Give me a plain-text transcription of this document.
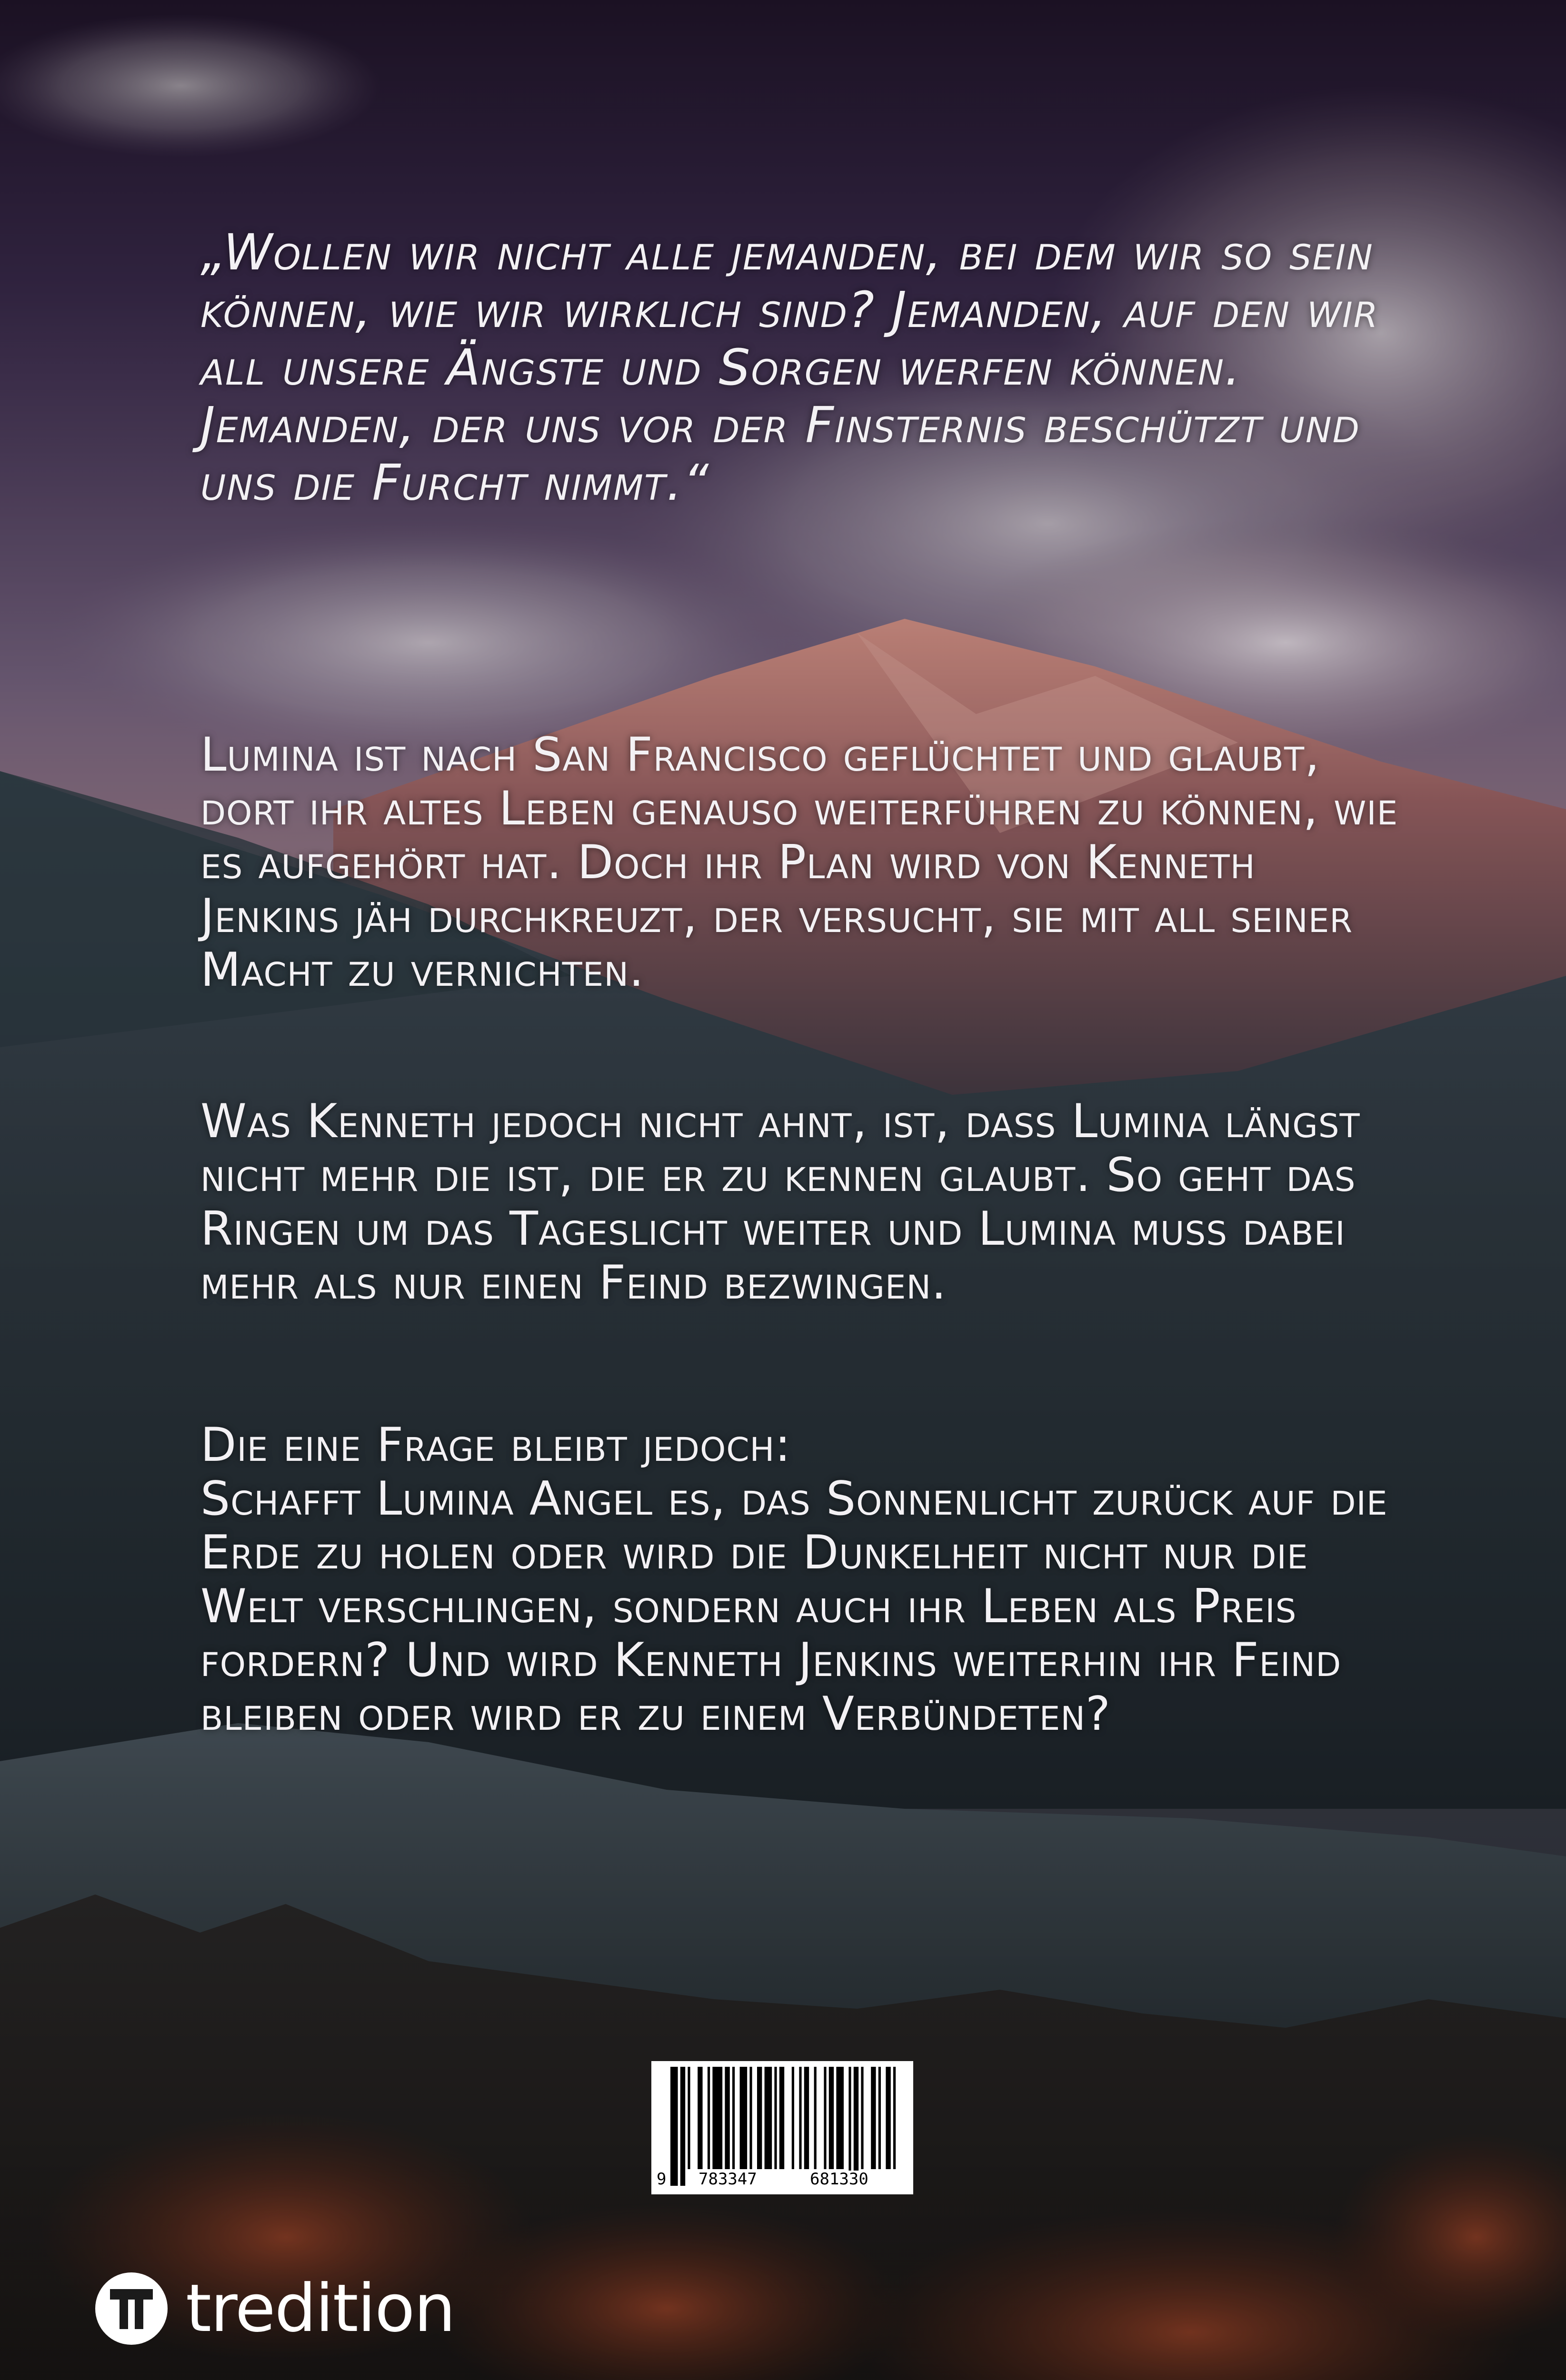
„Wollen wir nicht alle jemanden, bei dem wir so sein können, wie wir wirklich sind? Jemanden, auf den wir all unsere Ängste und Sorgen werfen können. Jemanden, der uns vor der Finsternis beschützt und uns die Furcht nimmt.“

Lumina ist nach San Francisco geflüchtet und glaubt, dort ihr altes Leben genauso weiterführen zu können, wie es aufgehört hat. Doch ihr Plan wird von Kenneth Jenkins jäh durchkreuzt, der versucht, sie mit all seiner Macht zu vernichten.

Was Kenneth jedoch nicht ahnt, ist, dass Lumina längst nicht mehr die ist, die er zu kennen glaubt. So geht das Ringen um das Tageslicht weiter und Lumina muss dabei mehr als nur einen Feind bezwingen.

Die eine Frage bleibt jedoch:
Schafft Lumina Angel es, das Sonnenlicht zurück auf die Erde zu holen oder wird die Dunkelheit nicht nur die Welt verschlingen, sondern auch ihr Leben als Preis fordern? Und wird Kenneth Jenkins weiterhin ihr Feind bleiben oder wird er zu einem Verbündeten?
9 783347	681330
tredition
